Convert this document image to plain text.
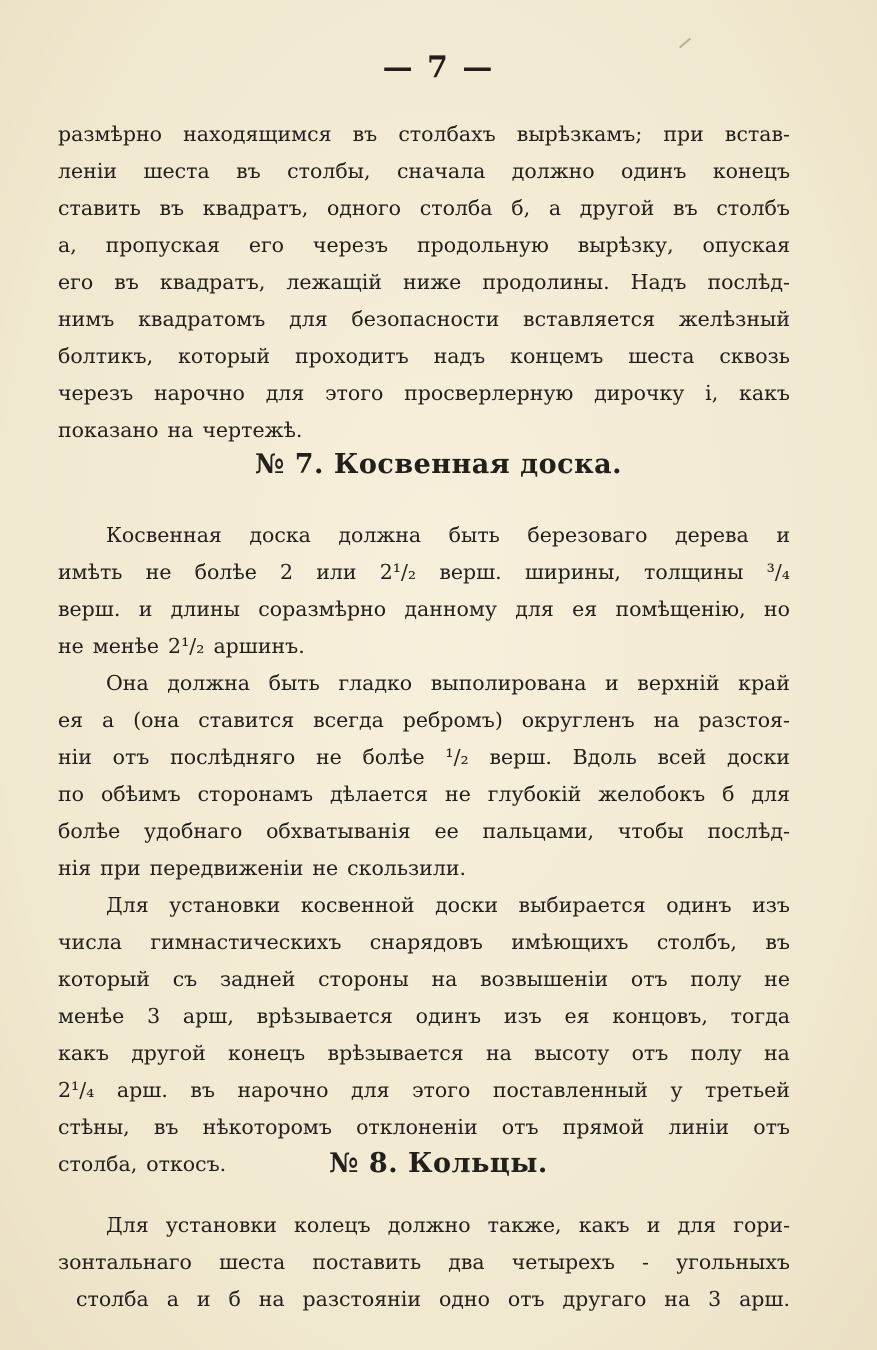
— 7 —
размѣрно находящимся въ столбахъ вырѣзкамъ; при встав-
ленiи шеста въ столбы, сначала должно одинъ конецъ
ставить въ квадратъ, одного столба б, а другой въ столбъ
а, пропуская его черезъ продольную вырѣзку, опуская
его въ квадратъ, лежащiй ниже продолины. Надъ послѣд-
нимъ квадратомъ для безопасности вставляется желѣзный
болтикъ, который проходитъ надъ концемъ шеста сквозь
черезъ нарочно для этого просверлерную дирочку і, какъ
показано на чертежѣ.
№ 7. Косвенная доска.
Косвенная доска должна быть березоваго дерева и
имѣть не болѣе 2 или 2¹/₂ верш. ширины, толщины ³/₄
верш. и длины соразмѣрно данному для ея помѣщенiю, но
не менѣе 2¹/₂ аршинъ.
Она должна быть гладко выполирована и верхнiй край
ея а (она ставится всегда ребромъ) округленъ на разстоя-
нiи отъ послѣдняго не болѣе ¹/₂ верш. Вдоль всей доски
по обѣимъ сторонамъ дѣлается не глубокiй желобокъ б для
болѣе удобнаго обхватыванiя ее пальцами, чтобы послѣд-
нiя при передвиженiи не скользили.
Для установки косвенной доски выбирается одинъ изъ
числа гимнастическихъ снарядовъ имѣющихъ столбъ, въ
который съ задней стороны на возвышенiи отъ полу не
менѣе 3 арш, врѣзывается одинъ изъ ея концовъ, тогда
какъ другой конецъ врѣзывается на высоту отъ полу на
2¹/₄ арш. въ нарочно для этого поставленный у третьей
стѣны, въ нѣкоторомъ отклоненiи отъ прямой линiи отъ
столба, откосъ.	№ 8. Кольцы.
Для установки колецъ должно также, какъ и для гори-
зонтальнаго шеста поставить два четырехъ - угольныхъ
столба а и б на разстоянiи одно отъ другаго на 3 арш.
